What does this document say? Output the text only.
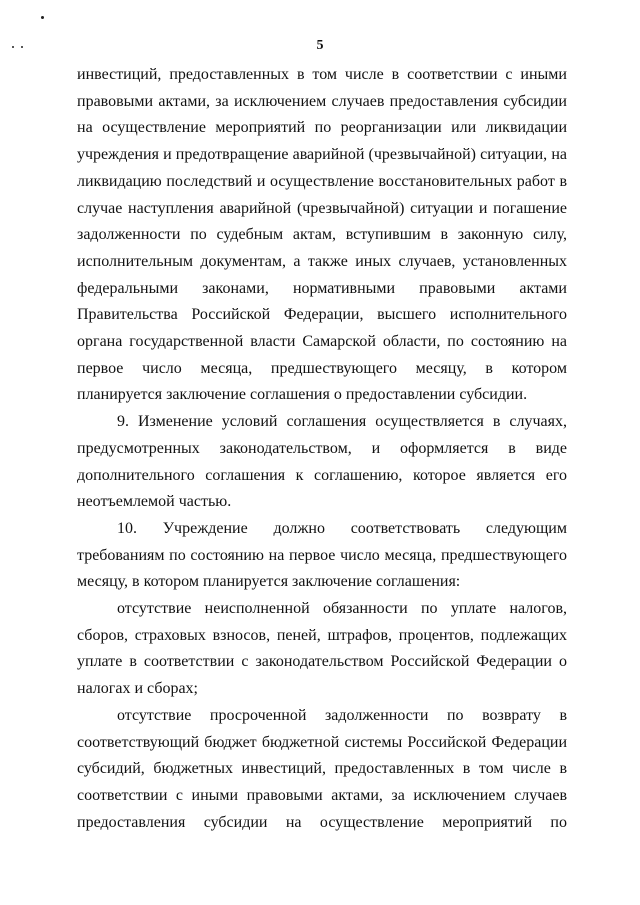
5

инвестиций, предоставленных в том числе в соответствии с иными правовыми актами, за исключением случаев предоставления субсидии на осуществление мероприятий по реорганизации или ликвидации учреждения и предотвращение аварийной (чрезвычайной) ситуации, на ликвидацию последствий и осуществление восстановительных работ в случае наступления аварийной (чрезвычайной) ситуации и погашение задолженности по судебным актам, вступившим в законную силу, исполнительным документам, а также иных случаев, установленных федеральными законами, нормативными правовыми актами Правительства Российской Федерации, высшего исполнительного органа государственной власти Самарской области, по состоянию на первое число месяца, предшествующего месяцу, в котором планируется заключение соглашения о предоставлении субсидии.

9. Изменение условий соглашения осуществляется в случаях, предусмотренных законодательством, и оформляется в виде дополнительного соглашения к соглашению, которое является его неотъемлемой частью.

10. Учреждение должно соответствовать следующим требованиям по состоянию на первое число месяца, предшествующего месяцу, в котором планируется заключение соглашения:

отсутствие неисполненной обязанности по уплате налогов, сборов, страховых взносов, пеней, штрафов, процентов, подлежащих уплате в соответствии с законодательством Российской Федерации о налогах и сборах;

отсутствие просроченной задолженности по возврату в соответствующий бюджет бюджетной системы Российской Федерации субсидий, бюджетных инвестиций, предоставленных в том числе в соответствии с иными правовыми актами, за исключением случаев предоставления субсидии на осуществление мероприятий по
